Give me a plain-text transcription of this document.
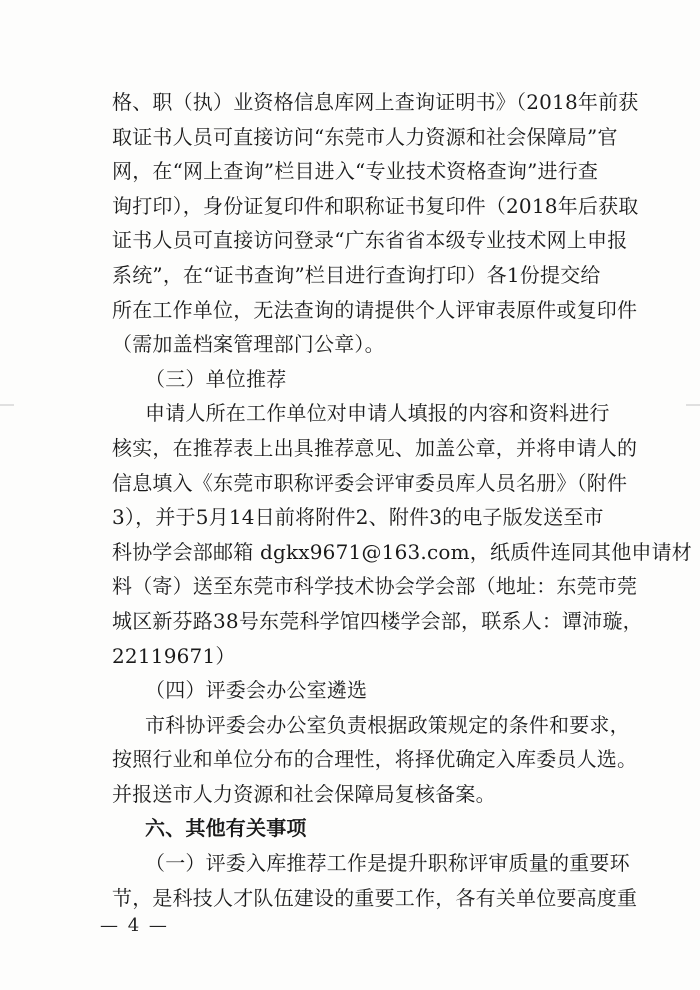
格、职（执）业资格信息库网上查询证明书》（2018年前获
取证书人员可直接访问“东莞市人力资源和社会保障局”官
网，在“网上查询”栏目进入“专业技术资格查询”进行查
询打印），身份证复印件和职称证书复印件（2018年后获取
证书人员可直接访问登录“广东省省本级专业技术网上申报
系统”，在“证书查询”栏目进行查询打印）各1份提交给
所在工作单位，无法查询的请提供个人评审表原件或复印件
（需加盖档案管理部门公章）。
（三）单位推荐
申请人所在工作单位对申请人填报的内容和资料进行
核实，在推荐表上出具推荐意见、加盖公章，并将申请人的
信息填入《东莞市职称评委会评审委员库人员名册》（附件
3），并于5月14日前将附件2、附件3的电子版发送至市
科协学会部邮箱 dgkx9671@163.com，纸质件连同其他申请材
料（寄）送至东莞市科学技术协会学会部（地址：东莞市莞
城区新芬路38号东莞科学馆四楼学会部，联系人：谭沛璇，
22119671）
（四）评委会办公室遴选
市科协评委会办公室负责根据政策规定的条件和要求，
按照行业和单位分布的合理性，将择优确定入库委员人选。
并报送市人力资源和社会保障局复核备案。
六、其他有关事项
（一）评委入库推荐工作是提升职称评审质量的重要环
节，是科技人才队伍建设的重要工作，各有关单位要高度重
— 4 —
